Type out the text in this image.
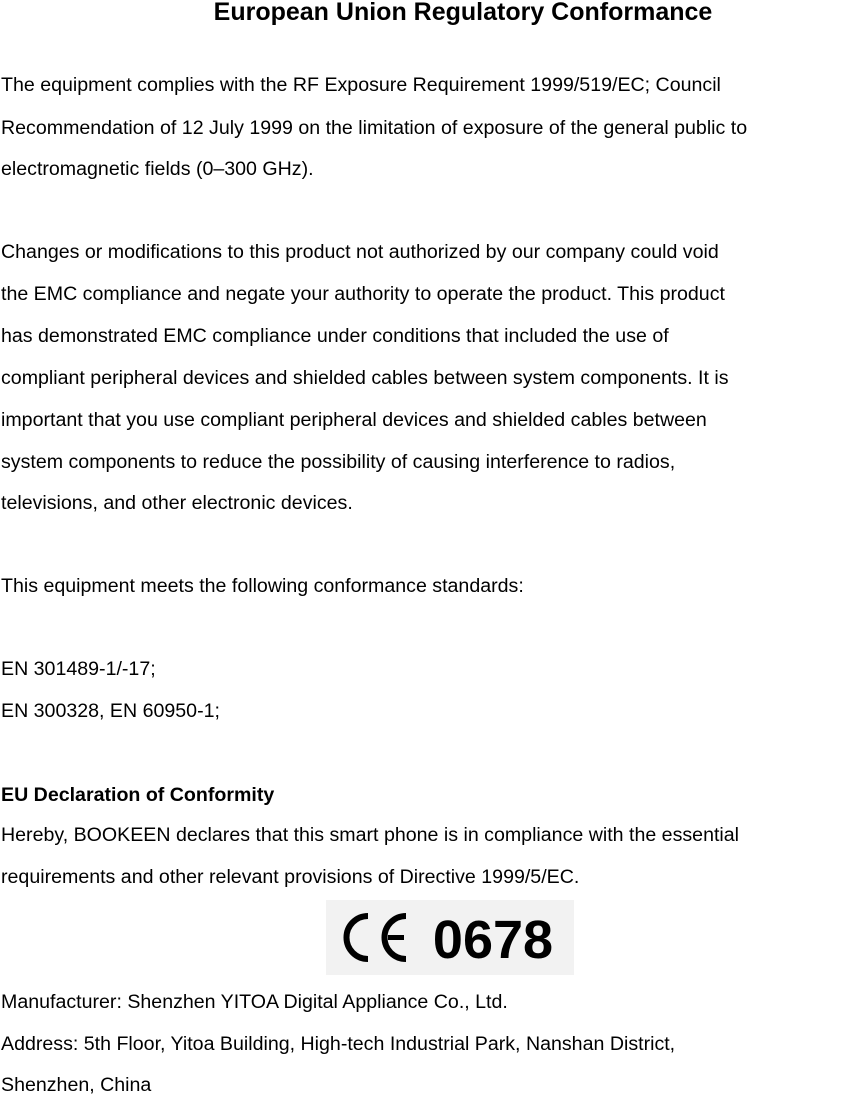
European Union Regulatory Conformance
The equipment complies with the RF Exposure Requirement 1999/519/EC; Council
Recommendation of 12 July 1999 on the limitation of exposure of the general public to
electromagnetic fields (0–300 GHz).
Changes or modifications to this product not authorized by our company could void
the EMC compliance and negate your authority to operate the product. This product
has demonstrated EMC compliance under conditions that included the use of
compliant peripheral devices and shielded cables between system components. It is
important that you use compliant peripheral devices and shielded cables between
system components to reduce the possibility of causing interference to radios,
televisions, and other electronic devices.
This equipment meets the following conformance standards:
EN 301489-1/-17;
EN 300328, EN 60950-1;
EU Declaration of Conformity
Hereby, BOOKEEN declares that this smart phone is in compliance with the essential
requirements and other relevant provisions of Directive 1999/5/EC.
0678
Manufacturer: Shenzhen YITOA Digital Appliance Co., Ltd.
Address: 5th Floor, Yitoa Building, High-tech Industrial Park, Nanshan District,
Shenzhen, China
